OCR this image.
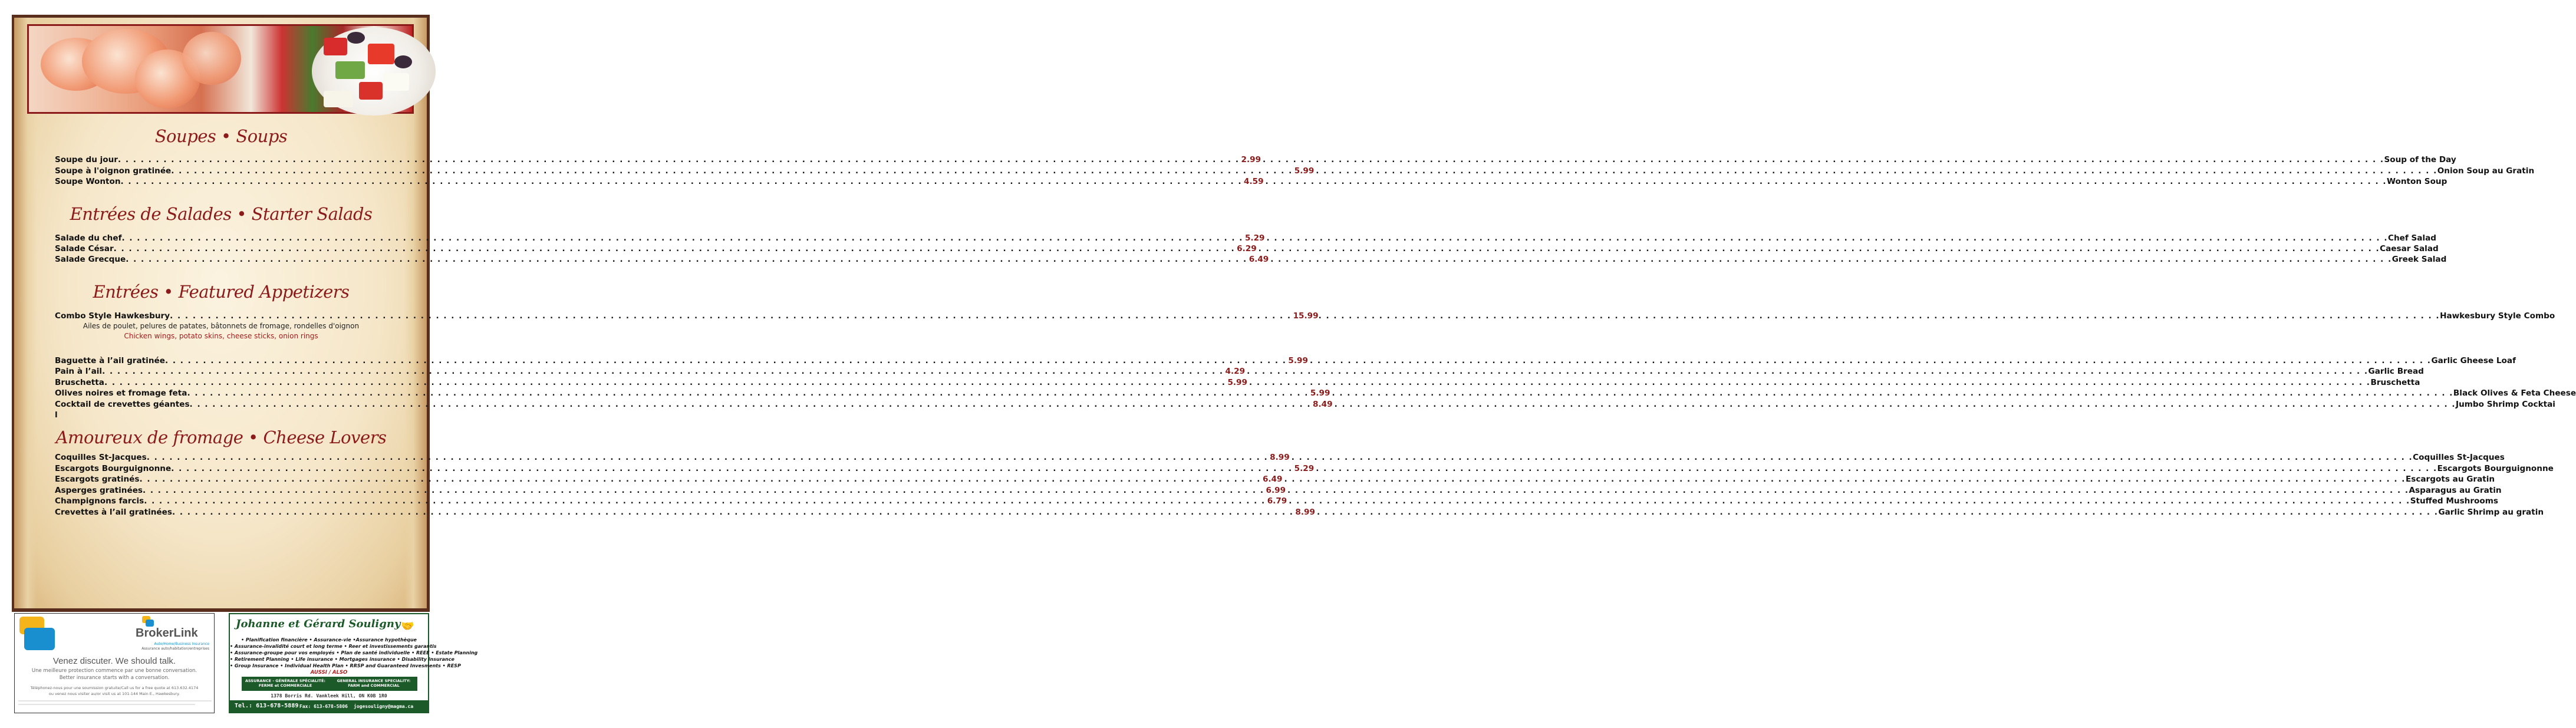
Soupes • Soups
Soupe du jour . . .	2.99 . . .	Soup of the Day
Soupe à l'oignon gratinée . . .	5.99 . . .	Onion Soup au Gratin
Soupe Wonton . . .	4.59 . . .	Wonton Soup
Entrées de Salades • Starter Salads
Salade du chef . . .	5.29 . . .	Chef Salad
Salade César . . .	6.29 . . .	Caesar Salad
Salade Grecque . . .	6.49 . . .	Greek Salad
Entrées • Featured Appetizers
Combo Style Hawkesbury . . .	15.99 . . .	Hawkesbury Style Combo
Ailes de poulet, pelures de patates, bâtonnets de fromage, rondelles d'oignon
Chicken wings, potato skins, cheese sticks, onion rings
Baguette à l’ail gratinée . . .	5.99 . . .	Garlic Gheese Loaf
Pain à l’ail . . .	4.29 . . .	Garlic Bread
Bruschetta . . .	5.99 . . .	Bruschetta
Olives noires et fromage feta . . .	5.99 . . .	Black Olives & Feta Cheese
Cocktail de crevettes géantes . . .	8.49 . . .	Jumbo Shrimp Cocktai
l
Amoureux de fromage • Cheese Lovers
Coquilles St-Jacques . . .	8.99 . . .	Coquilles St-Jacques
Escargots Bourguignonne . . .	5.29 . . .	Escargots Bourguignonne
Escargots gratinés . . .	6.49 . . .	Escargots au Gratin
Asperges gratinées . . .	6.99 . . .	Asparagus au Gratin
Champignons farcis . . .	6.79 . . .	Stuffed Mushrooms
Crevettes à l’ail gratinées . . .	8.99 . . .	Garlic Shrimp au gratin
BrokerLink
Auto/Home/Business Insurance
Assurance auto/habitation/entreprises
Venez discuter. We should talk.
Une meilleure protection commence par une bonne conversation.
Better insurance starts with a conversation.
Téléphonez-nous pour une soumission gratuite/Call us for a free quote at 613.632.4174
ou venez nous visiter au/or visit us at 101-144 Main E., Hawkesbury.
Johanne et Gérard Souligny 🤝
• Planification financière • Assurance-vie •Assurance hypothèque
• Assurance-invalidité court et long terme • Reer et investissements garantis
• Assurance-groupe pour vos employés • Plan de santé individuelle • REEE • Estate Planning
• Retirement Planning • Life insurance • Mortgages insurance • Disability insurance
• Group Insurance • Individual Health Plan • RRSP and Guaranteed Invesments • RESP
AUSSI / ALSO
ASSURANCE - GÉNÉRALE SPÉCIALITÉ: FERME et COMMERCIALE
GENERAL INSURANCE SPECIALITY: FARM and COMMERCIAL
1378 Borris Rd. Vankleek Hill, ON K0B 1R0
Tel.: 613-678-5889 Fax: 613-678-5806 jogesouligny@magma.ca
